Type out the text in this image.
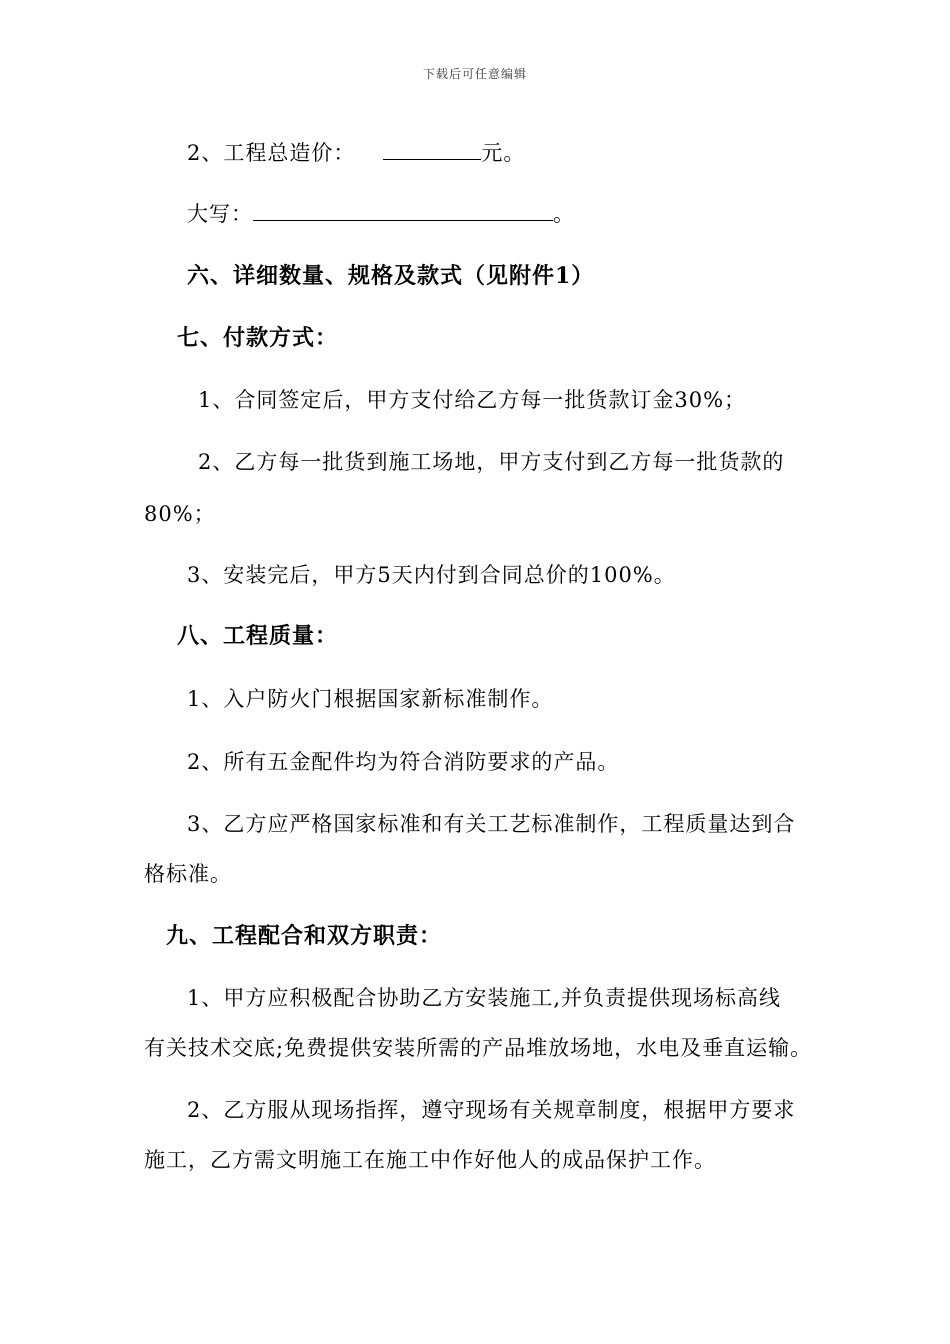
下载后可任意编辑
2、工程总造价：	元。
大写：	。
六、详细数量、规格及款式（见附件1）
七、付款方式：
1、合同签定后，甲方支付给乙方每一批货款订金30%；
2、乙方每一批货到施工场地，甲方支付到乙方每一批货款的
80%；
3、安装完后，甲方5天内付到合同总价的100%。
八、工程质量：
1、入户防火门根据国家新标准制作。
2、所有五金配件均为符合消防要求的产品。
3、乙方应严格国家标准和有关工艺标准制作，工程质量达到合
格标准。
九、工程配合和双方职责：
1、甲方应积极配合协助乙方安装施工,并负责提供现场标高线
有关技术交底;免费提供安装所需的产品堆放场地，水电及垂直运输。
2、乙方服从现场指挥，遵守现场有关规章制度，根据甲方要求
施工，乙方需文明施工在施工中作好他人的成品保护工作。
